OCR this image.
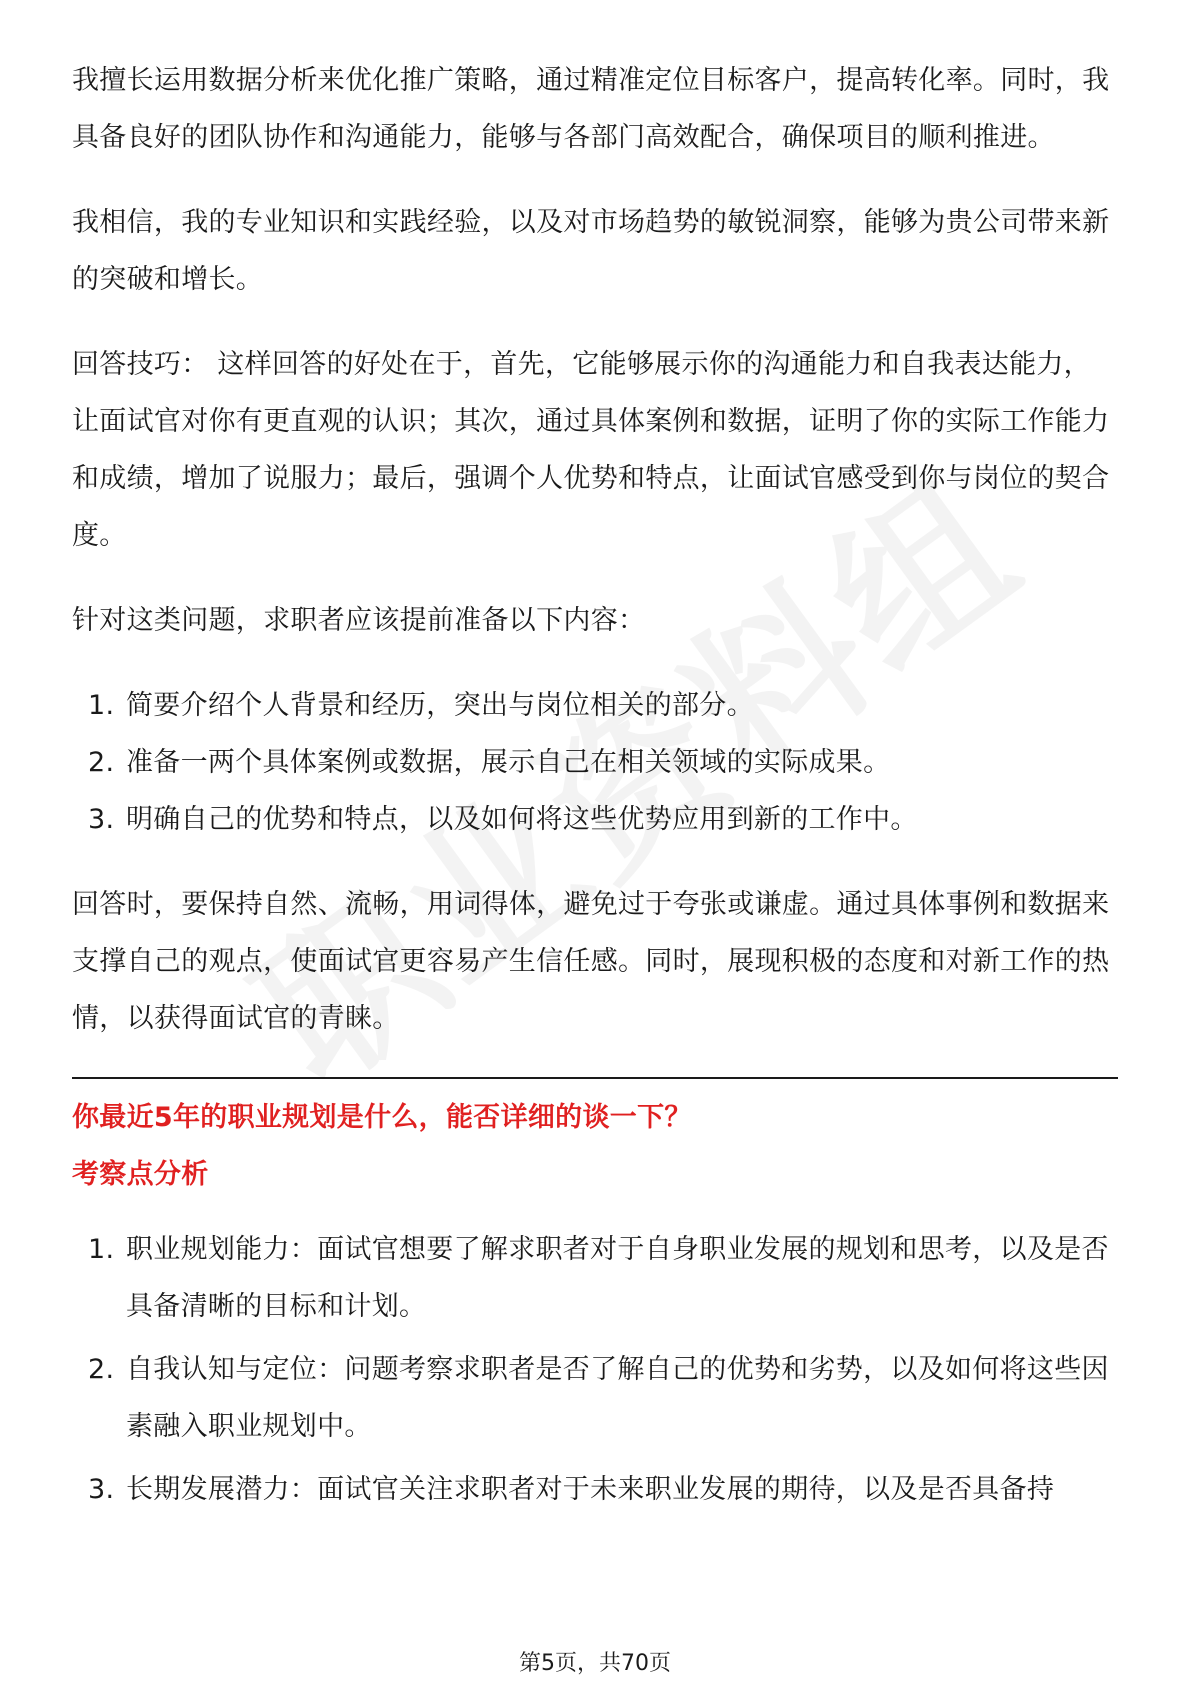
我擅长运用数据分析来优化推广策略，通过精准定位目标客户，提高转化率。同时，我具备良好的团队协作和沟通能力，能够与各部门高效配合，确保项目的顺利推进。

我相信，我的专业知识和实践经验，以及对市场趋势的敏锐洞察，能够为贵公司带来新的突破和增长。

回答技巧： 这样回答的好处在于，首先，它能够展示你的沟通能力和自我表达能力，让面试官对你有更直观的认识；其次，通过具体案例和数据，证明了你的实际工作能力和成绩，增加了说服力；最后，强调个人优势和特点，让面试官感受到你与岗位的契合度。

针对这类问题，求职者应该提前准备以下内容：

1. 简要介绍个人背景和经历，突出与岗位相关的部分。
2. 准备一两个具体案例或数据，展示自己在相关领域的实际成果。
3. 明确自己的优势和特点，以及如何将这些优势应用到新的工作中。

回答时，要保持自然、流畅，用词得体，避免过于夸张或谦虚。通过具体事例和数据来支撑自己的观点，使面试官更容易产生信任感。同时，展现积极的态度和对新工作的热情，以获得面试官的青睐。

你最近5年的职业规划是什么，能否详细的谈一下？

考察点分析

1. 职业规划能力：面试官想要了解求职者对于自身职业发展的规划和思考，以及是否具备清晰的目标和计划。
2. 自我认知与定位：问题考察求职者是否了解自己的优势和劣势，以及如何将这些因素融入职业规划中。
3. 长期发展潜力：面试官关注求职者对于未来职业发展的期待，以及是否具备持
第5页，共70页
